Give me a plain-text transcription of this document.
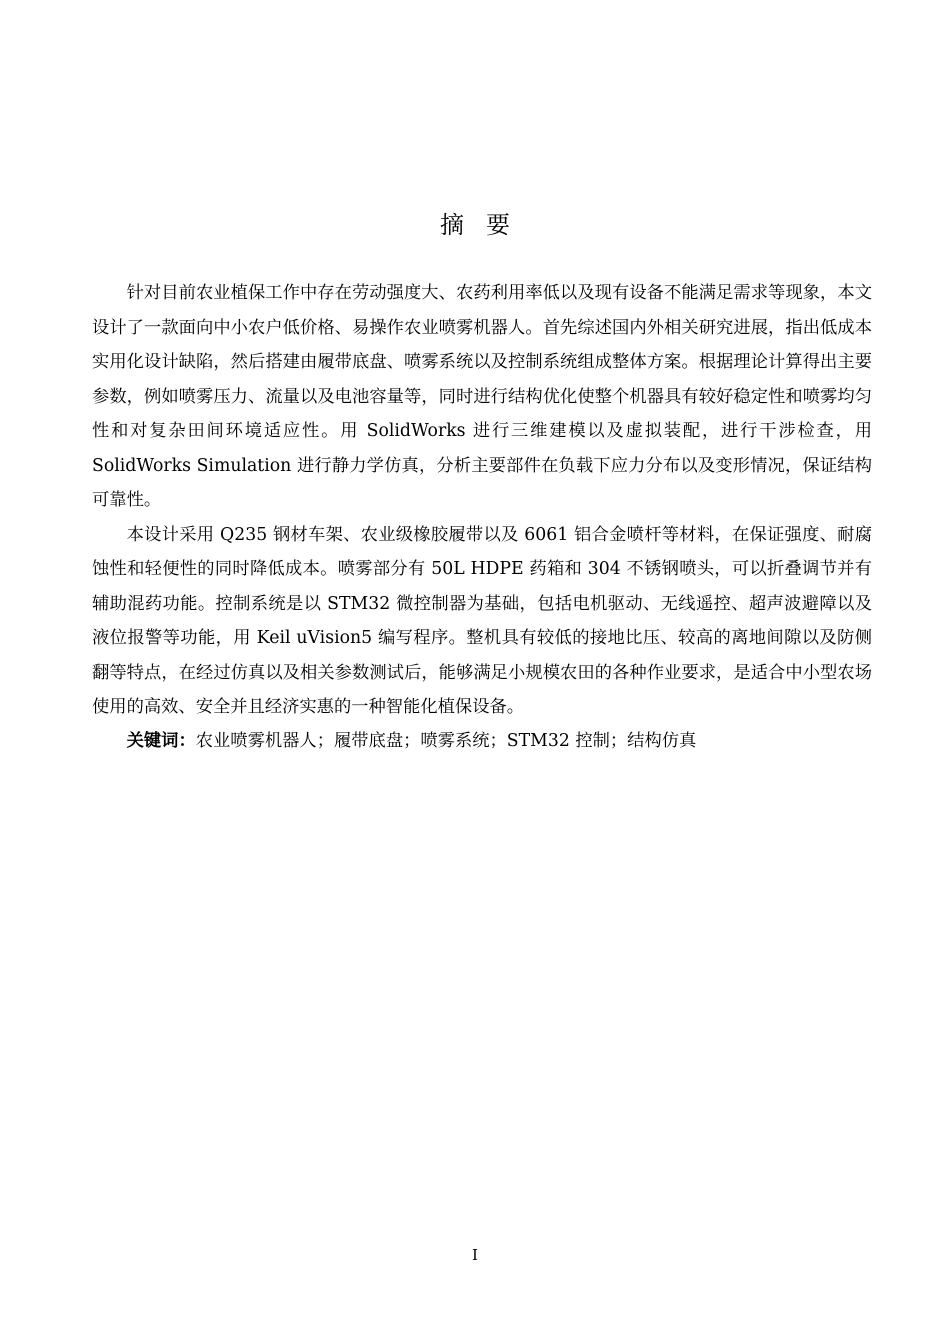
摘要

针对目前农业植保工作中存在劳动强度大、农药利用率低以及现有设备不能满足需求等现象，本文设计了一款面向中小农户低价格、易操作农业喷雾机器人。首先综述国内外相关研究进展，指出低成本实用化设计缺陷，然后搭建由履带底盘、喷雾系统以及控制系统组成整体方案。根据理论计算得出主要参数，例如喷雾压力、流量以及电池容量等，同时进行结构优化使整个机器具有较好稳定性和喷雾均匀性和对复杂田间环境适应性。用 SolidWorks 进行三维建模以及虚拟装配，进行干涉检查，用 SolidWorks Simulation 进行静力学仿真，分析主要部件在负载下应力分布以及变形情况，保证结构可靠性。

本设计采用 Q235 钢材车架、农业级橡胶履带以及 6061 铝合金喷杆等材料，在保证强度、耐腐蚀性和轻便性的同时降低成本。喷雾部分有 50L HDPE 药箱和 304 不锈钢喷头，可以折叠调节并有辅助混药功能。控制系统是以 STM32 微控制器为基础，包括电机驱动、无线遥控、超声波避障以及液位报警等功能，用 Keil uVision5 编写程序。整机具有较低的接地比压、较高的离地间隙以及防侧翻等特点，在经过仿真以及相关参数测试后，能够满足小规模农田的各种作业要求，是适合中小型农场使用的高效、安全并且经济实惠的一种智能化植保设备。

关键词：农业喷雾机器人；履带底盘；喷雾系统；STM32 控制；结构仿真
I
